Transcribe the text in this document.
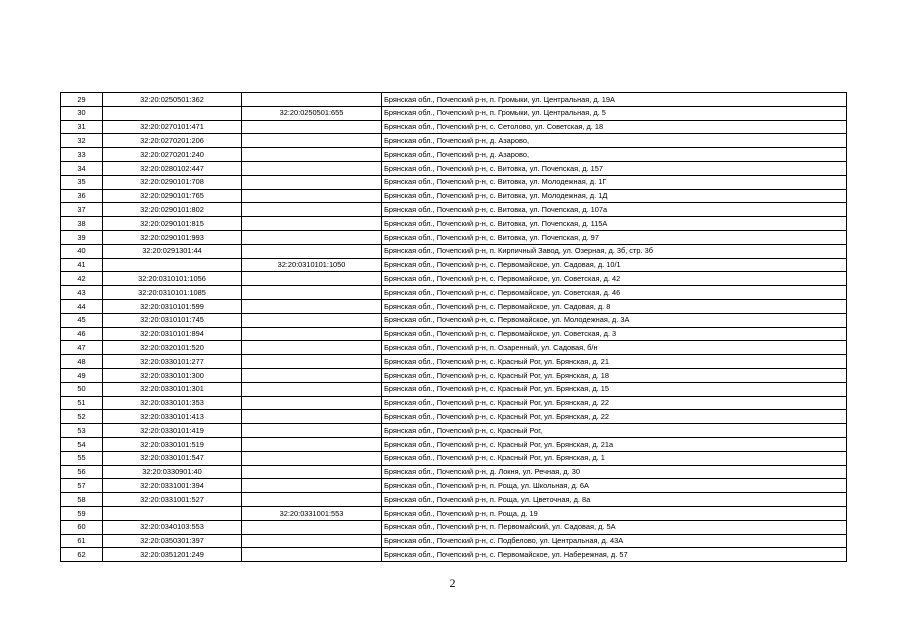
29	32:20:0250501:362		Брянская обл., Почепский р-н, п. Громыки, ул. Центральная, д. 19А
30		32:20:0250501:655	Брянская обл., Почепский р-н, п. Громыки, ул. Центральная, д. 5
31	32:20:0270101:471		Брянская обл., Почепский р-н, с. Сетолово, ул. Советская, д. 18
32	32:20:0270201:206		Брянская обл., Почепский р-н, д. Азарово,
33	32:20:0270201:240		Брянская обл., Почепский р-н, д. Азарово,
34	32:20:0280102:447		Брянская обл., Почепский р-н, с. Витовка, ул. Почепская, д. 157
35	32:20:0290101:708		Брянская обл., Почепский р-н, с. Витовка, ул. Молодежная, д. 1Г
36	32:20:0290101:765		Брянская обл., Почепский р-н, с. Витовка, ул. Молодежная, д. 1Д
37	32:20:0290101:802		Брянская обл., Почепский р-н, с. Витовка, ул. Почепская, д. 107а
38	32:20:0290101:815		Брянская обл., Почепский р-н, с. Витовка, ул. Почепская, д. 115А
39	32:20:0290101:993		Брянская обл., Почепский р-н, с. Витовка, ул. Почепская, д. 97
40	32:20:0291301:44		Брянская обл., Почепский р-н, п. Кирпичный Завод, ул. Озерная, д. 3б, стр. 3б
41		32:20:0310101:1050	Брянская обл., Почепский р-н, с. Первомайское, ул. Садовая, д. 10/1
42	32:20:0310101:1056		Брянская обл., Почепский р-н, с. Первомайское, ул. Советская, д. 42
43	32:20:0310101:1085		Брянская обл., Почепский р-н, с. Первомайское, ул. Советская, д. 46
44	32:20:0310101:599		Брянская обл., Почепский р-н, с. Первомайское, ул. Садовая, д. 8
45	32:20:0310101:745		Брянская обл., Почепский р-н, с. Первомайское, ул. Молодежная, д. 3А
46	32:20:0310101:894		Брянская обл., Почепский р-н, с. Первомайское, ул. Советская, д. 3
47	32:20:0320101:520		Брянская обл., Почепский р-н, п. Озаренный, ул. Садовая, б/н
48	32:20:0330101:277		Брянская обл., Почепский р-н, с. Красный Рог, ул. Брянская, д. 21
49	32:20:0330101:300		Брянская обл., Почепский р-н, с. Красный Рог, ул. Брянская, д. 18
50	32:20:0330101:301		Брянская обл., Почепский р-н, с. Красный Рог, ул. Брянская, д. 15
51	32:20:0330101:353		Брянская обл., Почепский р-н, с. Красный Рог, ул. Брянская, д. 22
52	32:20:0330101:413		Брянская обл., Почепский р-н, с. Красный Рог, ул. Брянская, д. 22
53	32:20:0330101:419		Брянская обл., Почепский р-н, с. Красный Рог,
54	32:20:0330101:519		Брянская обл., Почепский р-н, с. Красный Рог, ул. Брянская, д. 21а
55	32:20:0330101:547		Брянская обл., Почепский р-н, с. Красный Рог, ул. Брянская, д. 1
56	32:20:0330901:40		Брянская обл., Почепский р-н, д. Локня, ул. Речная, д. 30
57	32:20:0331001:394		Брянская обл., Почепский р-н, п. Роща, ул. Школьная, д. 6А
58	32:20:0331001:527		Брянская обл., Почепский р-н, п. Роща, ул. Цветочная, д. 8а
59		32:20:0331001:553	Брянская обл., Почепский р-н, п. Роща, д. 19
60	32:20:0340103:553		Брянская обл., Почепский р-н, п. Первомайский, ул. Садовая, д. 5А
61	32:20:0350301:397		Брянская обл., Почепский р-н, с. Подбелово, ул. Центральная, д. 43А
62	32:20:0351201:249		Брянская обл., Почепский р-н, с. Первомайское, ул. Набережная, д. 57
2
